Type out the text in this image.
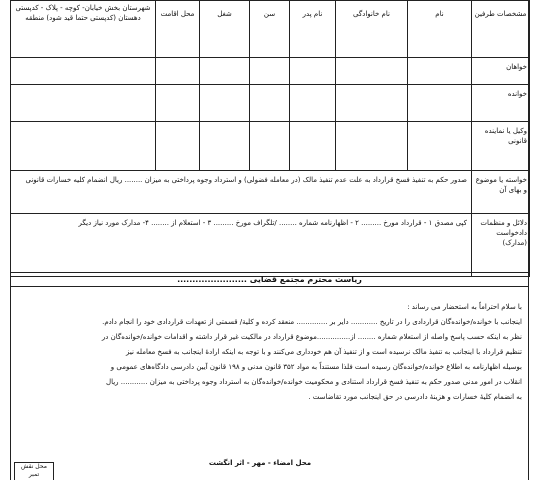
مشخصات طرفین	نام	نام خانوادگی	نام پدر	سن	شغل	محل اقامت	شهرستان بخش خیابان- کوچه - پلاک - کدپستی دهستان (کدپستی حتما قید شود) منطقه

خواهان							
خوانده							
وکیل یا نماینده قانونی							
خواسته یا موضوع و بهای آن	صدور حکم به تنفیذ فسخ قرارداد به علت عدم تنفیذ مالک (در معامله فضولی) و استرداد وجوه پرداختی به میزان ........ ریال انضمام کلیه خسارات قانونی						
دلائل و منظمات دادخواست (مدارک)	کپی مصدق ۱ - قرارداد مورخ ......... ۲ - اظهارنامه شماره ........ /تلگراف مورخ ......... ۳ - استعلام از ........ ۴- مدارک مورد نیاز دیگر						
ریاست محترم مجتمع قضایی .......................
با سلام احتراماً به استحضار می رساند :
اینجانب با خوانده/خوانده‌گان قراردادی را در تاریخ ............ دایر بر .............. منعقد کرده و کلیة/ قسمتی از تعهدات قراردادی خود را انجام دادم.
نظر به اینکه حسب پاسخ واصله از استعلام شماره ........ از...............موضوع قرارداد در مالکیت غیر قرار داشته و اقدامات خوانده/خوانده‌گان در
تنظیم قرارداد با اینجانب به تنفیذ مالک نرسیده است و از تنفیذ آن هم خودداری می‌کنند و با توجه به اینکه ارادهٔ اینجانب به فسخ معامله نیز
بوسیله اظهارنامه به اطلاع خوانده/خوانده‌گان رسیده است فلذا مستنداً به مواد ۳۵۲ قانون مدنی و ۱۹۸ قانون آیین دادرسی دادگاه‌های عمومی و
انقلاب در امور مدنی صدور حکم به تنفیذ فسخ قرارداد استنادی و محکومیت خوانده/خوانده‌گان به استرداد وجوه پرداختی به میزان ............ ریال
به انضمام کلیهٔ خسارات و هزینهٔ دادرسی در حق اینجانب مورد تقاضاست .
محل امضاء - مهر - اثر انگشت
محل نقش تمبر
